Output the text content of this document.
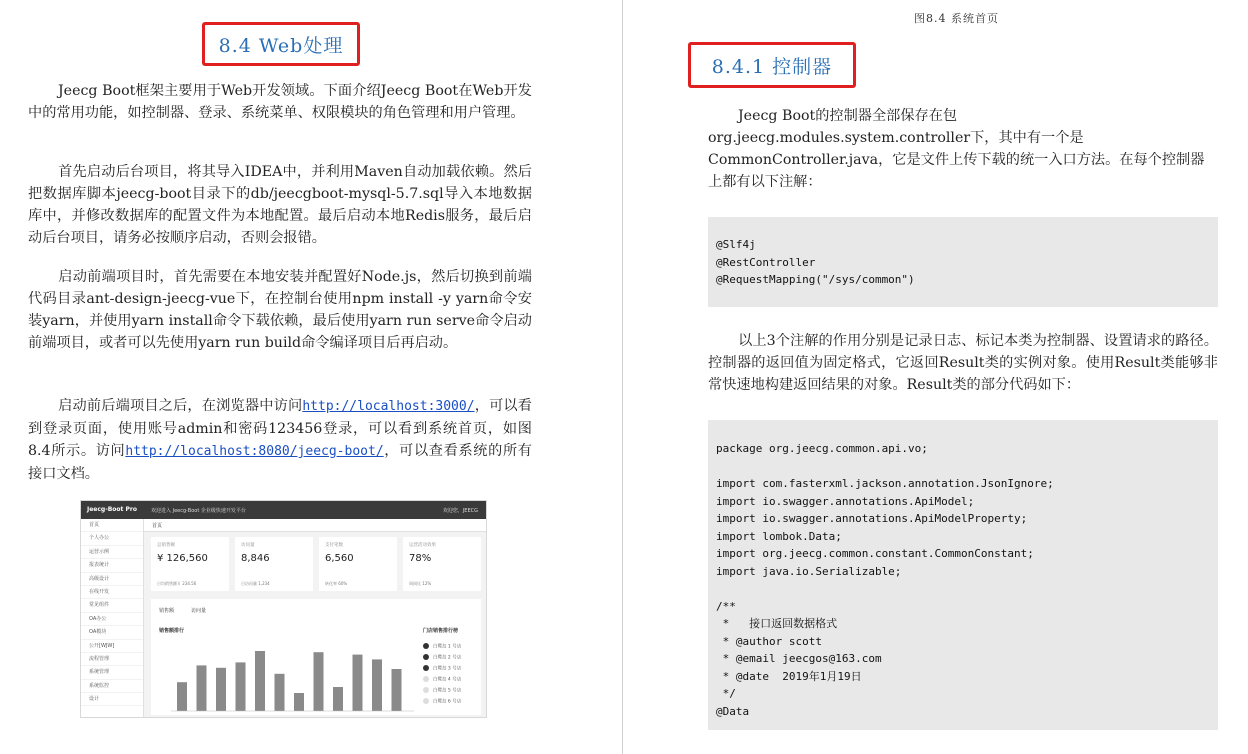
8.4 Web处理

Jeecg Boot框架主要用于Web开发领域。下面介绍Jeecg Boot在Web开发中的常用功能，如控制器、登录、系统菜单、权限模块的角色管理和用户管理。

首先启动后台项目，将其导入IDEA中，并利用Maven自动加载依赖。然后把数据库脚本jeecg-boot目录下的db/jeecgboot-mysql-5.7.sql导入本地数据库中，并修改数据库的配置文件为本地配置。最后启动本地Redis服务，最后启动后台项目，请务必按顺序启动，否则会报错。

启动前端项目时，首先需要在本地安装并配置好Node.js，然后切换到前端代码目录ant-design-jeecg-vue下，在控制台使用npm install -y yarn命令安装yarn，并使用yarn install命令下载依赖，最后使用yarn run serve命令启动前端项目，或者可以先使用yarn run build命令编译项目后再启动。

启动前后端项目之后，在浏览器中访问http://localhost:3000/，可以看到登录页面，使用账号admin和密码123456登录，可以看到系统首页，如图8.4所示。访问http://localhost:8080/jeecg-boot/，可以查看系统的所有接口文档。

Jeecg-Boot Pro	欢迎进入 Jeecg-Boot 企业级快速开发平台	欢迎您，JEECG
首页
个人办公
运营示例
报表统计
高级设计
在线开发
常见组件
OA办公
OA模块
公开[WJW]
流程管理
系统管理
系统监控
设计
首页
总销售额
¥ 126,560
日均销售额￥ 234.56
访问量
8,846
日访问量 1,234
支付笔数
6,560
转化率 60%
运营活动效果
78%
周同比 12%
销售额	访问量
销售额排行	门店销售排行榜
白鹭岛 1 号店
白鹭岛 2 号店
白鹭岛 3 号店
白鹭岛 4 号店
白鹭岛 5 号店
白鹭岛 6 号店
图8.4 系统首页
8.4.1 控制器
Jeecg Boot的控制器全部保存在包
org.jeecg.modules.system.controller下，其中有一个是
CommonController.java，它是文件上传下载的统一入口方法。在每个控制器
上都有以下注解：
@Slf4j
@RestController
@RequestMapping("/sys/common")

以上3个注解的作用分别是记录日志、标记本类为控制器、设置请求的路径。控制器的返回值为固定格式，它返回Result类的实例对象。使用Result类能够非常快速地构建返回结果的对象。Result类的部分代码如下：

package org.jeecg.common.api.vo;
import com.fasterxml.jackson.annotation.JsonIgnore;
import io.swagger.annotations.ApiModel;
import io.swagger.annotations.ApiModelProperty;
import lombok.Data;
import org.jeecg.common.constant.CommonConstant;
import java.io.Serializable;
/**
*   接口返回数据格式
* @author scott
* @email jeecgos@163.com
* @date  2019年1月19日
*/
@Data
